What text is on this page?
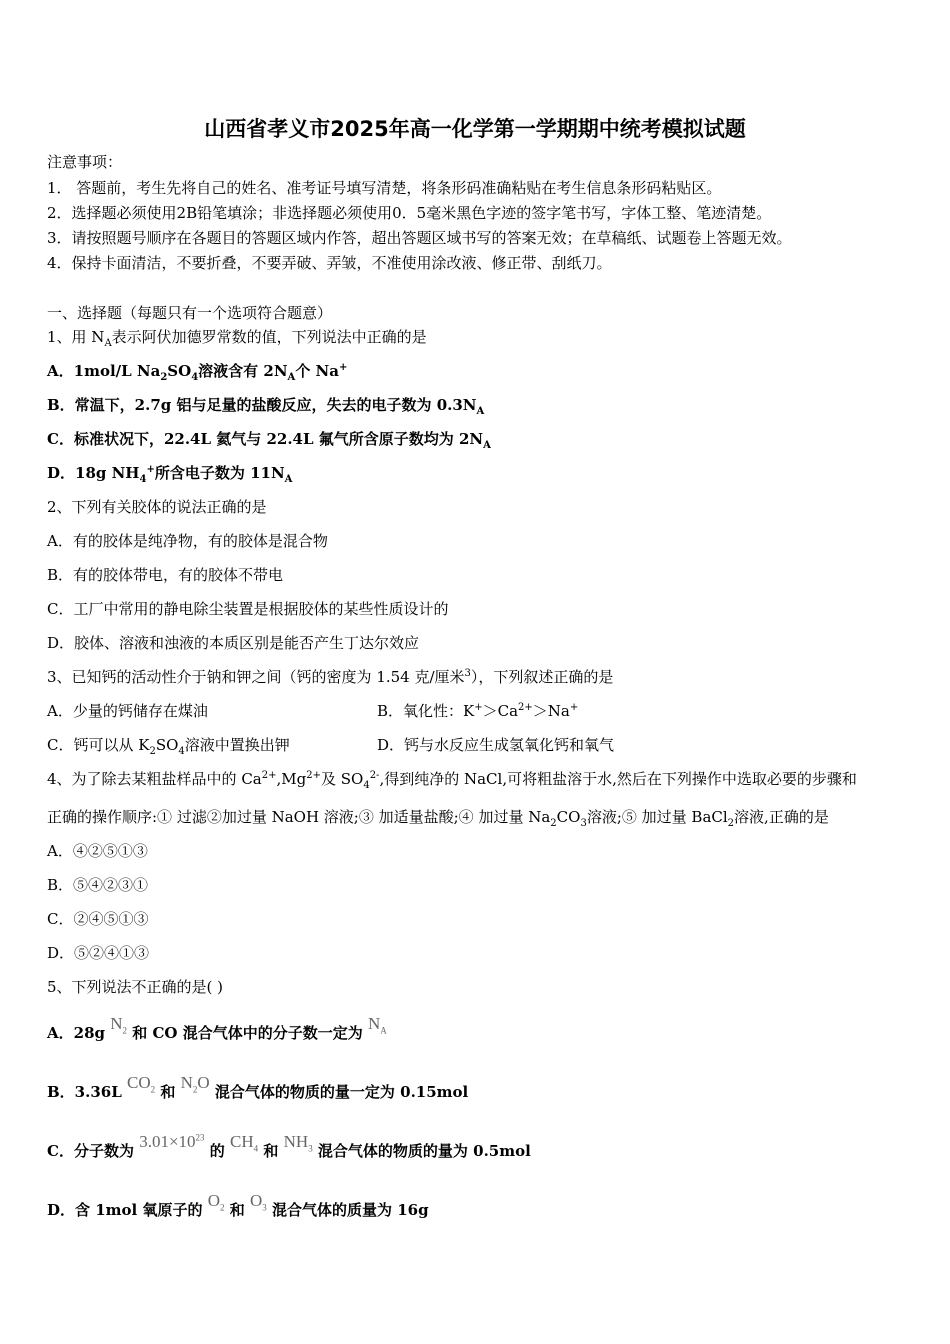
山西省孝义市2025年高一化学第一学期期中统考模拟试题
注意事项：
1． 答题前，考生先将自己的姓名、准考证号填写清楚，将条形码准确粘贴在考生信息条形码粘贴区。
2．选择题必须使用2B铅笔填涂；非选择题必须使用0．5毫米黑色字迹的签字笔书写，字体工整、笔迹清楚。
3．请按照题号顺序在各题目的答题区域内作答，超出答题区域书写的答案无效；在草稿纸、试题卷上答题无效。
4．保持卡面清洁，不要折叠，不要弄破、弄皱，不准使用涂改液、修正带、刮纸刀。
一、选择题（每题只有一个选项符合题意）
1、用 $N_A$表示阿伏加德罗常数的值，下列说法中正确的是
A．1mol/L $Na_2SO_4$溶液含有 $2N_A$个 Na+
B．常温下，2.7g 铝与足量的盐酸反应，失去的电子数为 $0.3N_A$
C．标准状况下，22.4L 氦气与 22.4L 氟气所含原子数均为 $2N_A$
D．18g $NH_4^+$所含电子数为 $11N_A$
2、下列有关胶体的说法正确的是
A．有的胶体是纯净物，有的胶体是混合物
B．有的胶体带电，有的胶体不带电
C．工厂中常用的静电除尘装置是根据胶体的某些性质设计的
D．胶体、溶液和浊液的本质区别是能否产生丁达尔效应
3、已知钙的活动性介于钠和钾之间（钙的密度为 1.54 克/厘米$^3$），下列叙述正确的是
A．少量的钙储存在煤油	B．氧化性：$K^+>Ca^{2+}>Na^+$
C．钙可以从 $K_2SO_4$溶液中置换出钾	D．钙与水反应生成氢氧化钙和氧气
4、为了除去某粗盐样品中的 $Ca^{2+},Mg^{2+}$及 $SO_4^{2-}$,得到纯净的 NaCl,可将粗盐溶于水,然后在下列操作中选取必要的步骤和
正确的操作顺序:① 过滤②加过量 NaOH 溶液;③ 加适量盐酸;④ 加过量 $Na_2CO_3$溶液;⑤ 加过量 BaCl$_2$溶液,正确的是
A．④②⑤①③
B．⑤④②③①
C．②④⑤①③
D．⑤②④①③
5、下列说法不正确的是( )
A．28g $N_2$ 和 CO 混合气体中的分子数一定为 $N_A$
B．3.36L $CO_2$ 和 $N_2O$ 混合气体的物质的量一定为 0.15mol
C．分子数为 $3.01\times 10^{23}$ 的 $CH_4$ 和 $NH_3$ 混合气体的物质的量为 0.5mol
D．含 1mol 氧原子的 $O_2$ 和 $O_3$ 混合气体的质量为 16g
